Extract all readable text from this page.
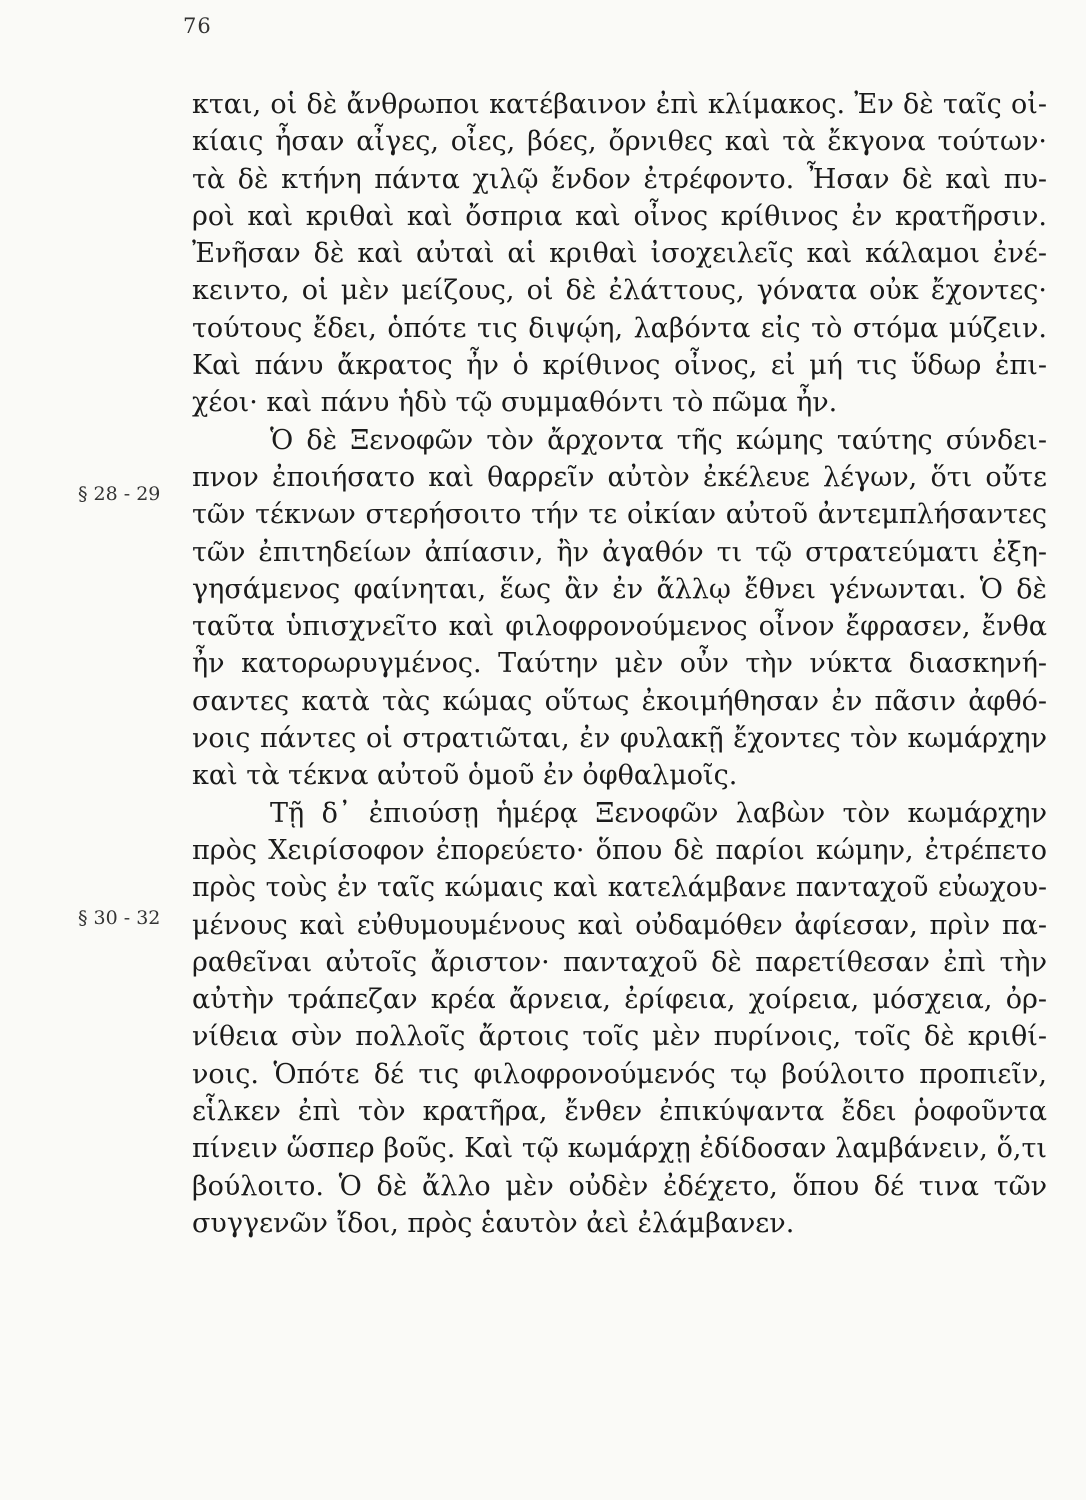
76
§ 28 - 29
§ 30 - 32
κται, οἱ δὲ ἄνθρωποι κατέβαινον ἐπὶ κλίμακος. Ἐν δὲ ταῖς οἰ-
κίαις ἦσαν αἶγες, οἶες, βόες, ὄρνιθες καὶ τὰ ἔκγονα τούτων·
τὰ δὲ κτήνη πάντα χιλῷ ἔνδον ἐτρέφοντο. Ἦσαν δὲ καὶ πυ-
ροὶ καὶ κριθαὶ καὶ ὄσπρια καὶ οἶνος κρίθινος ἐν κρατῆρσιν.
Ἐνῆσαν δὲ καὶ αὐταὶ αἱ κριθαὶ ἰσοχειλεῖς καὶ κάλαμοι ἐνέ-
κειντο, οἱ μὲν μείζους, οἱ δὲ ἐλάττους, γόνατα οὐκ ἔχοντες·
τούτους ἔδει, ὁπότε τις διψῴη, λαβόντα εἰς τὸ στόμα μύζειν.
Καὶ πάνυ ἄκρατος ἦν ὁ κρίθινος οἶνος, εἰ μή τις ὕδωρ ἐπι-
χέοι· καὶ πάνυ ἡδὺ τῷ συμμαθόντι τὸ πῶμα ἦν.
Ὁ δὲ Ξενοφῶν τὸν ἄρχοντα τῆς κώμης ταύτης σύνδει-
πνον ἐποιήσατο καὶ θαρρεῖν αὐτὸν ἐκέλευε λέγων, ὅτι οὔτε
τῶν τέκνων στερήσοιτο τήν τε οἰκίαν αὐτοῦ ἀντεμπλήσαντες
τῶν ἐπιτηδείων ἀπίασιν, ἢν ἀγαθόν τι τῷ στρατεύματι ἐξη-
γησάμενος φαίνηται, ἕως ἂν ἐν ἄλλῳ ἔθνει γένωνται. Ὁ δὲ
ταῦτα ὑπισχνεῖτο καὶ φιλοφρονούμενος οἶνον ἔφρασεν, ἔνθα
ἦν κατορωρυγμένος. Ταύτην μὲν οὖν τὴν νύκτα διασκηνή-
σαντες κατὰ τὰς κώμας οὕτως ἐκοιμήθησαν ἐν πᾶσιν ἀφθό-
νοις πάντες οἱ στρατιῶται, ἐν φυλακῇ ἔχοντες τὸν κωμάρχην
καὶ τὰ τέκνα αὐτοῦ ὁμοῦ ἐν ὀφθαλμοῖς.
Τῇ δ᾽ ἐπιούσῃ ἡμέρᾳ Ξενοφῶν λαβὼν τὸν κωμάρχην
πρὸς Χειρίσοφον ἐπορεύετο· ὅπου δὲ παρίοι κώμην, ἐτρέπετο
πρὸς τοὺς ἐν ταῖς κώμαις καὶ κατελάμβανε πανταχοῦ εὐωχου-
μένους καὶ εὐθυμουμένους καὶ οὐδαμόθεν ἀφίεσαν, πρὶν πα-
ραθεῖναι αὐτοῖς ἄριστον· πανταχοῦ δὲ παρετίθεσαν ἐπὶ τὴν
αὐτὴν τράπεζαν κρέα ἄρνεια, ἐρίφεια, χοίρεια, μόσχεια, ὀρ-
νίθεια σὺν πολλοῖς ἄρτοις τοῖς μὲν πυρίνοις, τοῖς δὲ κριθί-
νοις. Ὁπότε δέ τις φιλοφρονούμενός τῳ βούλοιτο προπιεῖν,
εἷλκεν ἐπὶ τὸν κρατῆρα, ἔνθεν ἐπικύψαντα ἔδει ῥοφοῦντα
πίνειν ὥσπερ βοῦς. Καὶ τῷ κωμάρχῃ ἐδίδοσαν λαμβάνειν, ὅ,τι
βούλοιτο. Ὁ δὲ ἄλλο μὲν οὐδὲν ἐδέχετο, ὅπου δέ τινα τῶν
συγγενῶν ἴδοι, πρὸς ἑαυτὸν ἀεὶ ἐλάμβανεν.
